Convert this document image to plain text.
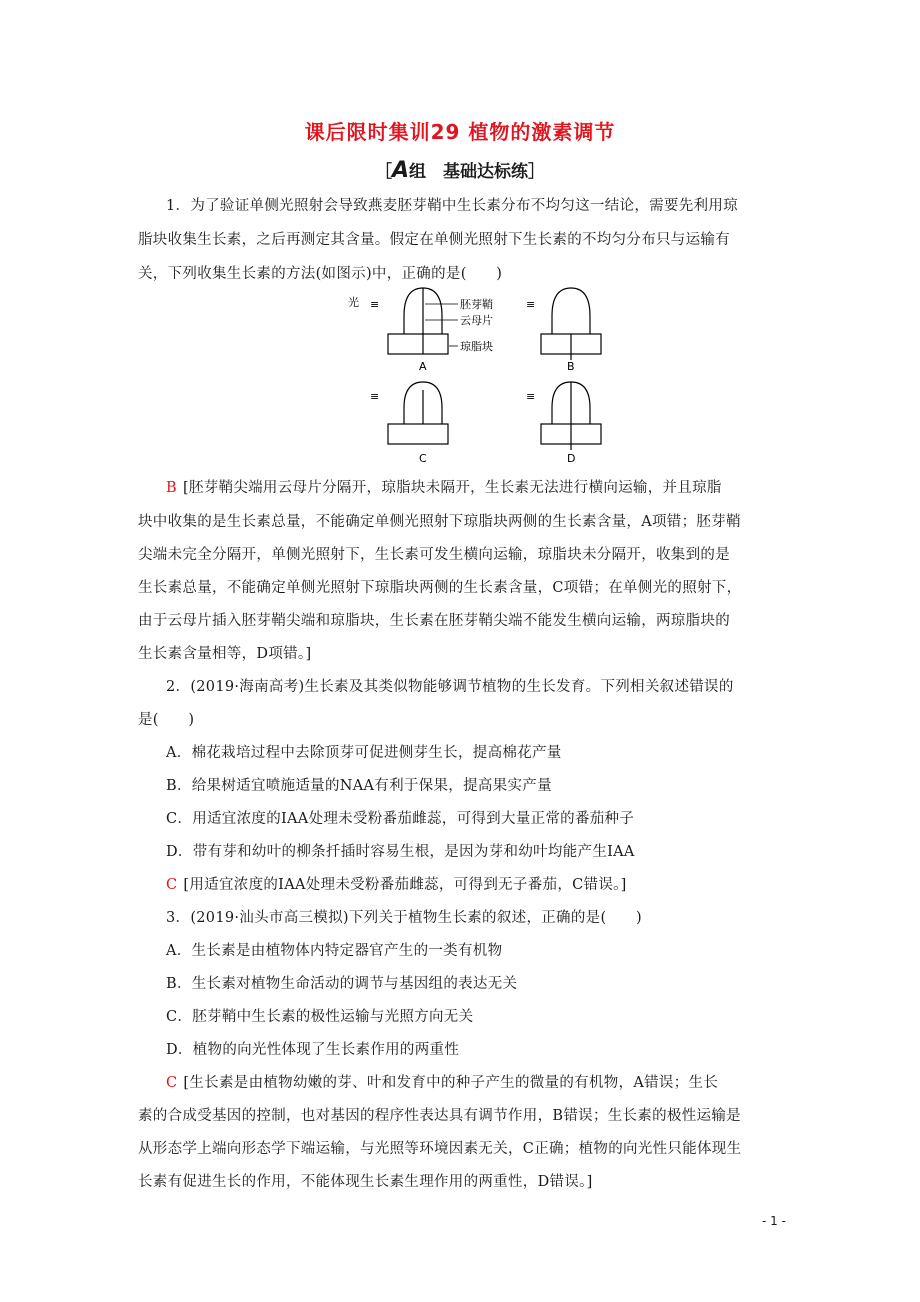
课后限时集训29 植物的激素调节
［A组　基础达标练］
1．为了验证单侧光照射会导致燕麦胚芽鞘中生长素分布不均匀这一结论，需要先利用琼
脂块收集生长素，之后再测定其含量。假定在单侧光照射下生长素的不均匀分布只与运输有
关，下列收集生长素的方法(如图示)中，正确的是(　　)
光 ≡	胚芽鞘
云母片
琼脂块
A
≡
B
≡
C
≡
D
B [胚芽鞘尖端用云母片分隔开，琼脂块未隔开，生长素无法进行横向运输，并且琼脂
块中收集的是生长素总量，不能确定单侧光照射下琼脂块两侧的生长素含量，A项错；胚芽鞘
尖端未完全分隔开，单侧光照射下，生长素可发生横向运输，琼脂块未分隔开，收集到的是
生长素总量，不能确定单侧光照射下琼脂块两侧的生长素含量，C项错；在单侧光的照射下，
由于云母片插入胚芽鞘尖端和琼脂块，生长素在胚芽鞘尖端不能发生横向运输，两琼脂块的
生长素含量相等，D项错。]
2．(2019·海南高考)生长素及其类似物能够调节植物的生长发育。下列相关叙述错误的
是(　　)
A．棉花栽培过程中去除顶芽可促进侧芽生长，提高棉花产量
B．给果树适宜喷施适量的NAA有利于保果，提高果实产量
C．用适宜浓度的IAA处理未受粉番茄雌蕊，可得到大量正常的番茄种子
D．带有芽和幼叶的柳条扦插时容易生根，是因为芽和幼叶均能产生IAA
C [用适宜浓度的IAA处理未受粉番茄雌蕊，可得到无子番茄，C错误。]
3．(2019·汕头市高三模拟)下列关于植物生长素的叙述，正确的是(　　)
A．生长素是由植物体内特定器官产生的一类有机物
B．生长素对植物生命活动的调节与基因组的表达无关
C．胚芽鞘中生长素的极性运输与光照方向无关
D．植物的向光性体现了生长素作用的两重性
C [生长素是由植物幼嫩的芽、叶和发育中的种子产生的微量的有机物，A错误；生长
素的合成受基因的控制，也对基因的程序性表达具有调节作用，B错误；生长素的极性运输是
从形态学上端向形态学下端运输，与光照等环境因素无关，C正确；植物的向光性只能体现生
长素有促进生长的作用，不能体现生长素生理作用的两重性，D错误。]
- 1 -
